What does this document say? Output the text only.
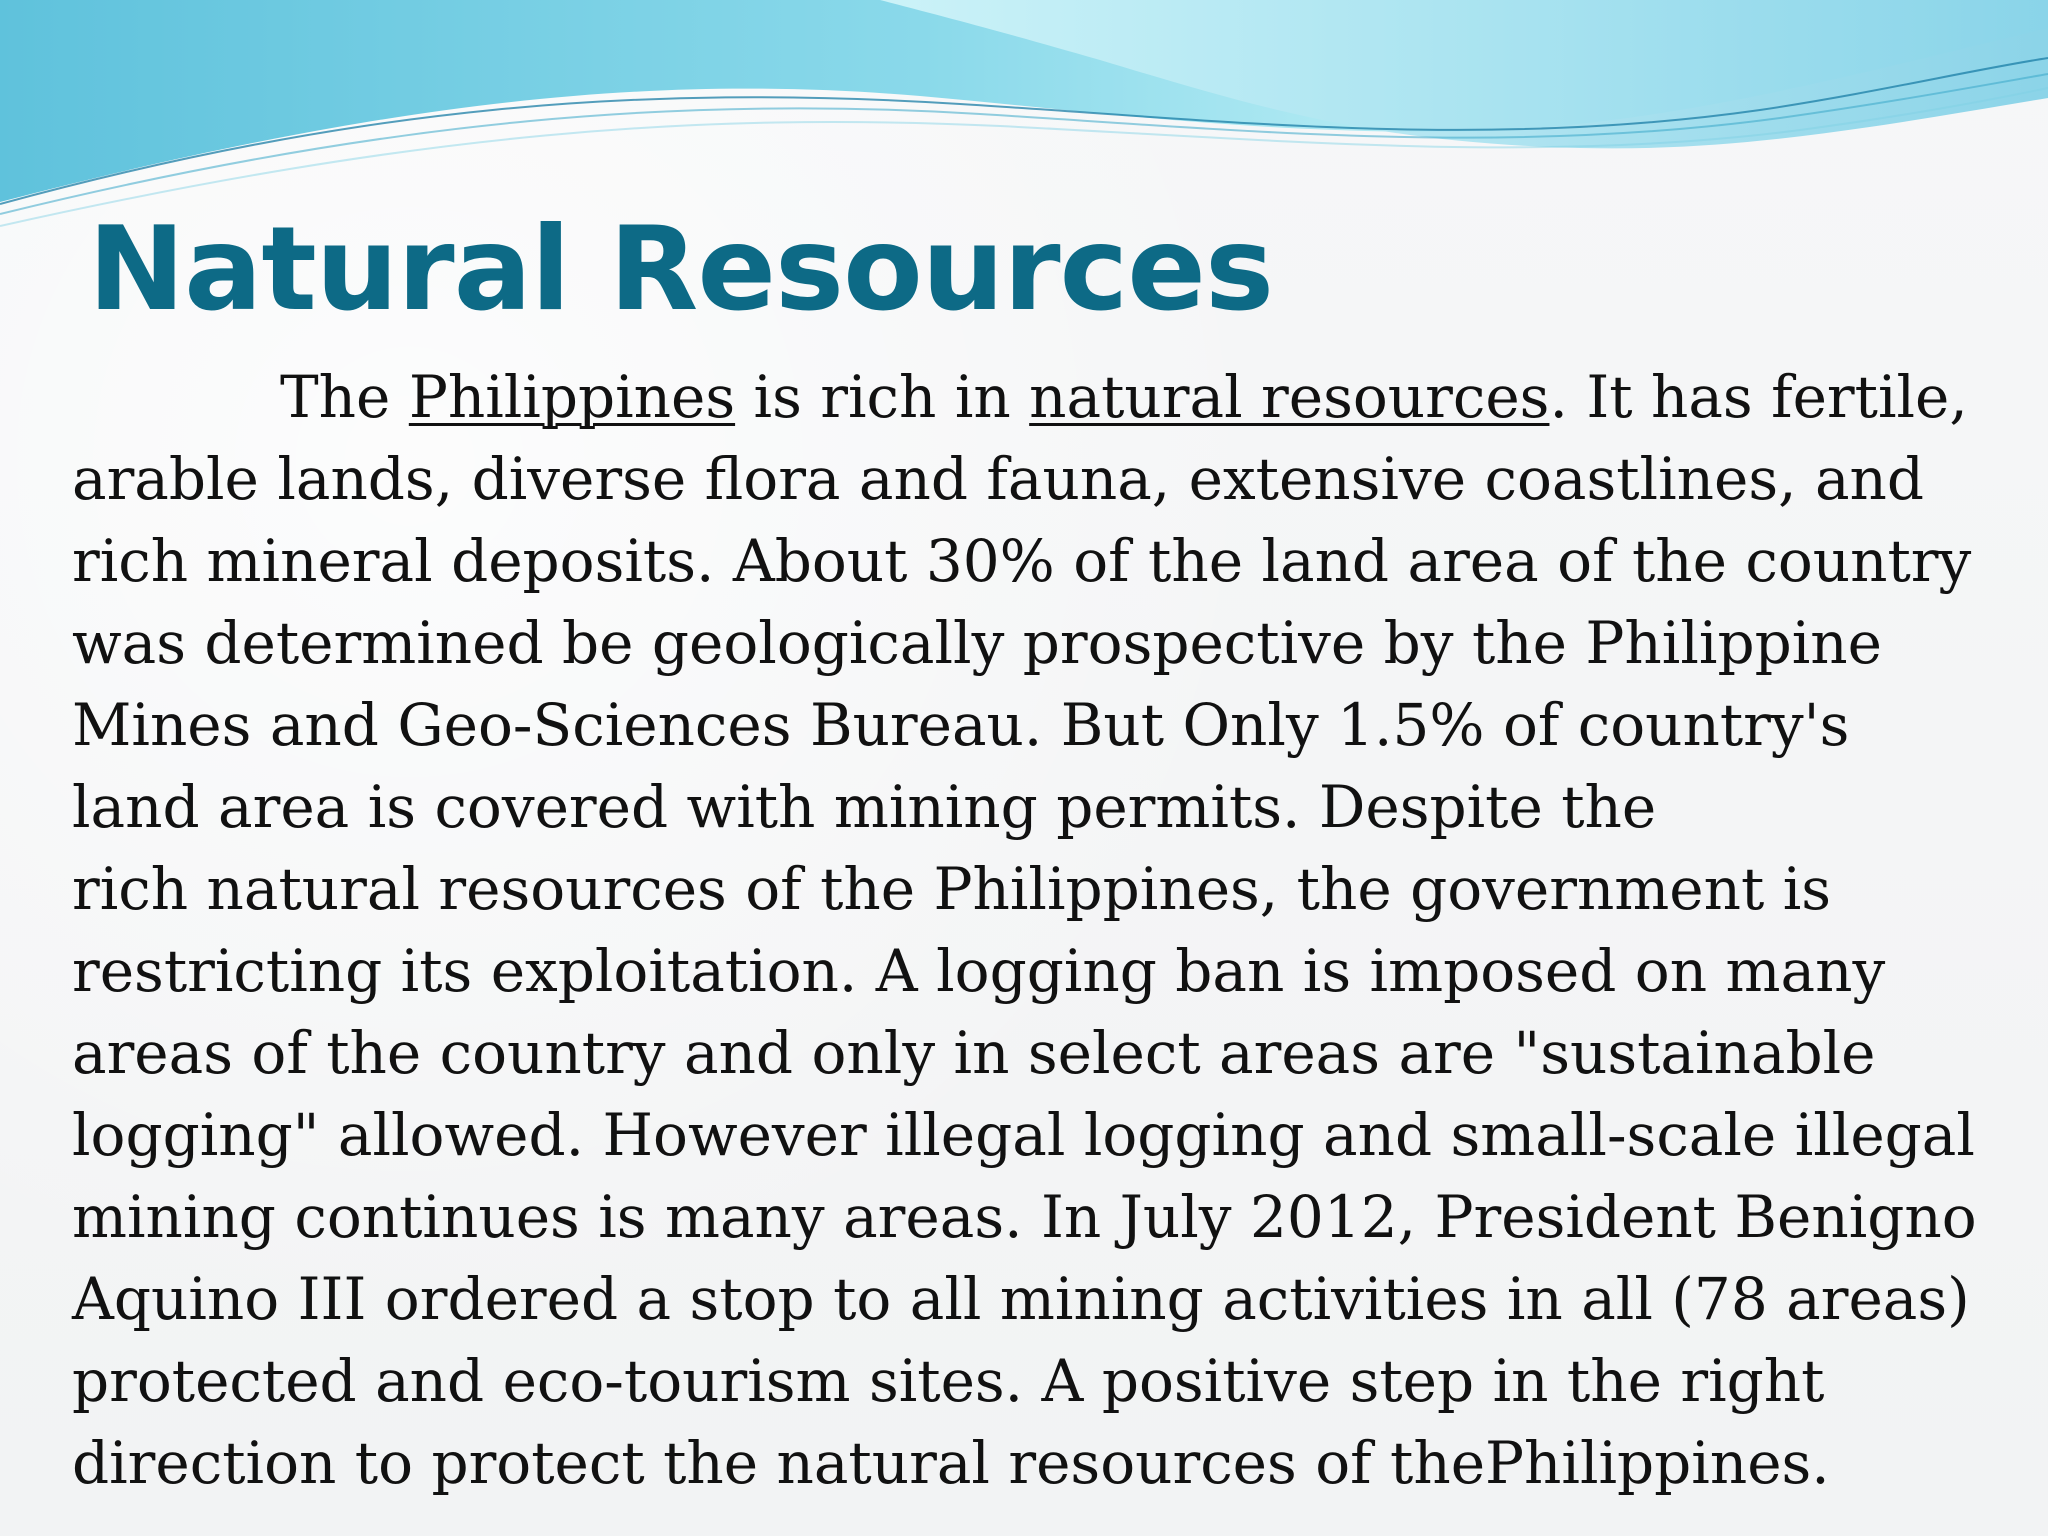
Natural Resources
The Philippines is rich in natural resources. It has fertile,
arable lands, diverse flora and fauna, extensive coastlines, and
rich mineral deposits. About 30% of the land area of the country
was determined be geologically prospective by the Philippine
Mines and Geo-Sciences Bureau. But Only 1.5% of country's
land area is covered with mining permits. Despite the
rich natural resources of the Philippines, the government is
restricting its exploitation. A logging ban is imposed on many
areas of the country and only in select areas are "sustainable
logging" allowed. However illegal logging and small-scale illegal
mining continues is many areas. In July 2012, President Benigno
Aquino III ordered a stop to all mining activities in all (78 areas)
protected and eco-tourism sites. A positive step in the right
direction to protect the natural resources of thePhilippines.
